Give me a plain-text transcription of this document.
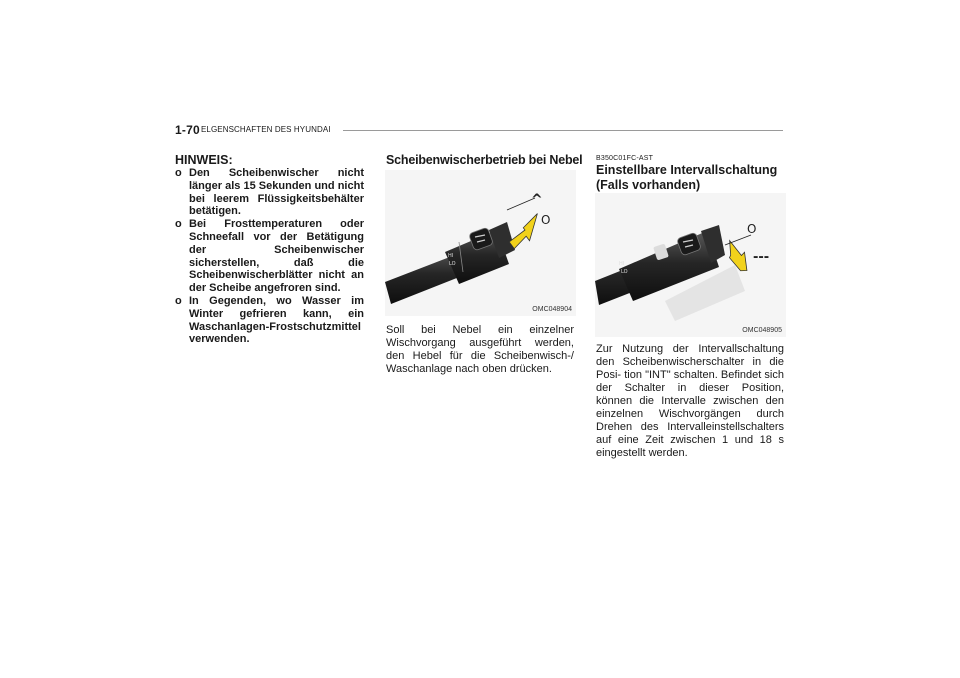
1-70 ELGENSCHAFTEN DES HYUNDAI
HINWEIS:
o Den Scheibenwischer nicht länger als 15 Sekunden und nicht bei leerem Flüssigkeitsbehälter betätigen.
o Bei Frosttemperaturen oder Schneefall vor der Betätigung der Scheibenwischer sicherstellen, daß die Scheibenwischerblätter nicht an der Scheibe angefroren sind.
o In Gegenden, wo Wasser im Winter gefrieren kann, ein Waschanlagen-Frostschutzmittel verwenden.
Scheibenwischerbetrieb bei Nebel
HI
LO
^
O
OMC048904
Soll bei Nebel ein einzelner Wischvorgang ausgeführt werden, den Hebel für die Scheibenwisch-/ Waschanlage nach oben drücken.
B350C01FC-AST
Einstellbare Intervallschaltung (Falls vorhanden)
HI
LO
O
---
OMC048905
Zur Nutzung der Intervallschaltung den Scheibenwischerschalter in die Posi- tion "INT" schalten. Befindet sich der Schalter in dieser Position, können die Intervalle zwischen den einzelnen Wischvorgängen durch Drehen des Intervalleinstellschalters auf eine Zeit zwischen 1 und 18 s eingestellt werden.
